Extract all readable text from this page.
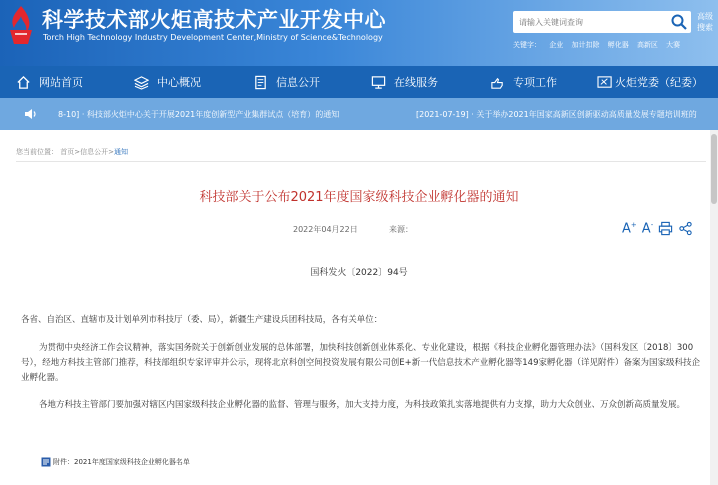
科学技术部火炬高技术产业开发中心
Torch High Technology Industry Development Center,Ministry of Science&Technology
请输入关键词查询
高级搜索
关键字： 企业 加计扣除 孵化器 高新区 大赛
网站首页	中心概况	信息公开	在线服务	专项工作	火炬党委（纪委）
8-10] · 科技部火炬中心关于开展2021年度创新型产业集群试点（培育）的通知	[2021-07-19] · 关于举办2021年国家高新区创新驱动高质量发展专题培训班的
您当前位置： 首页>信息公开>通知
科技部关于公布2021年度国家级科技企业孵化器的通知
2022年04月22日	来源：	A+ A-
国科发火〔2022〕94号
各省、自治区、直辖市及计划单列市科技厅（委、局），新疆生产建设兵团科技局，各有关单位：
为贯彻中央经济工作会议精神，落实国务院关于创新创业发展的总体部署，加快科技创新创业体系化、专业化建设，根据《科技企业孵化器管理办法》（国科发区〔2018〕300号），经地方科技主管部门推荐，科技部组织专家评审并公示，现将北京科创空间投资发展有限公司创E+新一代信息技术产业孵化器等149家孵化器（详见附件）备案为国家级科技企业孵化器。
各地方科技主管部门要加强对辖区内国家级科技企业孵化器的监督、管理与服务，加大支持力度，为科技政策扎实落地提供有力支撑，助力大众创业、万众创新高质量发展。
附件：2021年度国家级科技企业孵化器名单
